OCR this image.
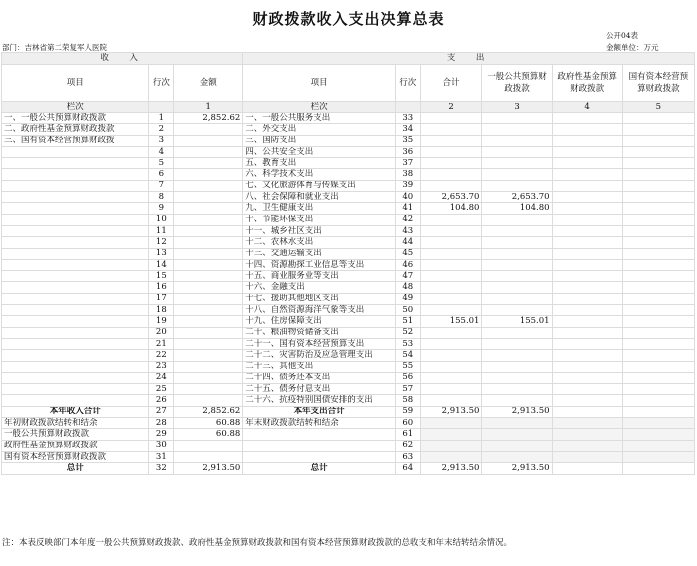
财政拨款收入支出决算总表
公开04表
部门：吉林省第二荣复军人医院	金额单位：万元
收　入			支　出					
项目	行次	金额	项目	行次	合计	一般公共预算财政拨款	政府性基金预算财政拨款	国有资本经营预算财政拨款
栏次		1	栏次		2	3	4	5
一、一般公共预算财政拨款	1	2,852.62	一、一般公共服务支出	33				
二、政府性基金预算财政拨款	2		二、外交支出	34				
三、国有资本经营预算财政拨	3		三、国防支出	35				
	4		四、公共安全支出	36				
	5		五、教育支出	37				
	6		六、科学技术支出	38				
	7		七、文化旅游体育与传媒支出	39				
	8		八、社会保障和就业支出	40	2,653.70	2,653.70		
	9		九、卫生健康支出	41	104.80	104.80		
	10		十、节能环保支出	42				
	11		十一、城乡社区支出	43				
	12		十二、农林水支出	44				
	13		十三、交通运输支出	45				
	14		十四、资源勘探工业信息等支出	46				
	15		十五、商业服务业等支出	47				
	16		十六、金融支出	48				
	17		十七、援助其他地区支出	49				
	18		十八、自然资源海洋气象等支出	50				
	19		十九、住房保障支出	51	155.01	155.01		
	20		二十、粮油物资储备支出	52				
	21		二十一、国有资本经营预算支出	53				
	22		二十二、灾害防治及应急管理支出	54				
	23		二十三、其他支出	55				
	24		二十四、债务还本支出	56				
	25		二十五、债务付息支出	57				
	26		二十六、抗疫特别国债安排的支出	58				
本年收入合计	27	2,852.62	本年支出合计	59	2,913.50	2,913.50		
年初财政拨款结转和结余	28	60.88	年末财政拨款结转和结余	60				
一般公共预算财政拨款	29	60.88		61				
政府性基金预算财政拨款	30			62				
国有资本经营预算财政拨款	31			63				
总计	32	2,913.50	总计	64	2,913.50	2,913.50		
注：本表反映部门本年度一般公共预算财政拨款、政府性基金预算财政拨款和国有资本经营预算财政拨款的总收支和年末结转结余情况。
